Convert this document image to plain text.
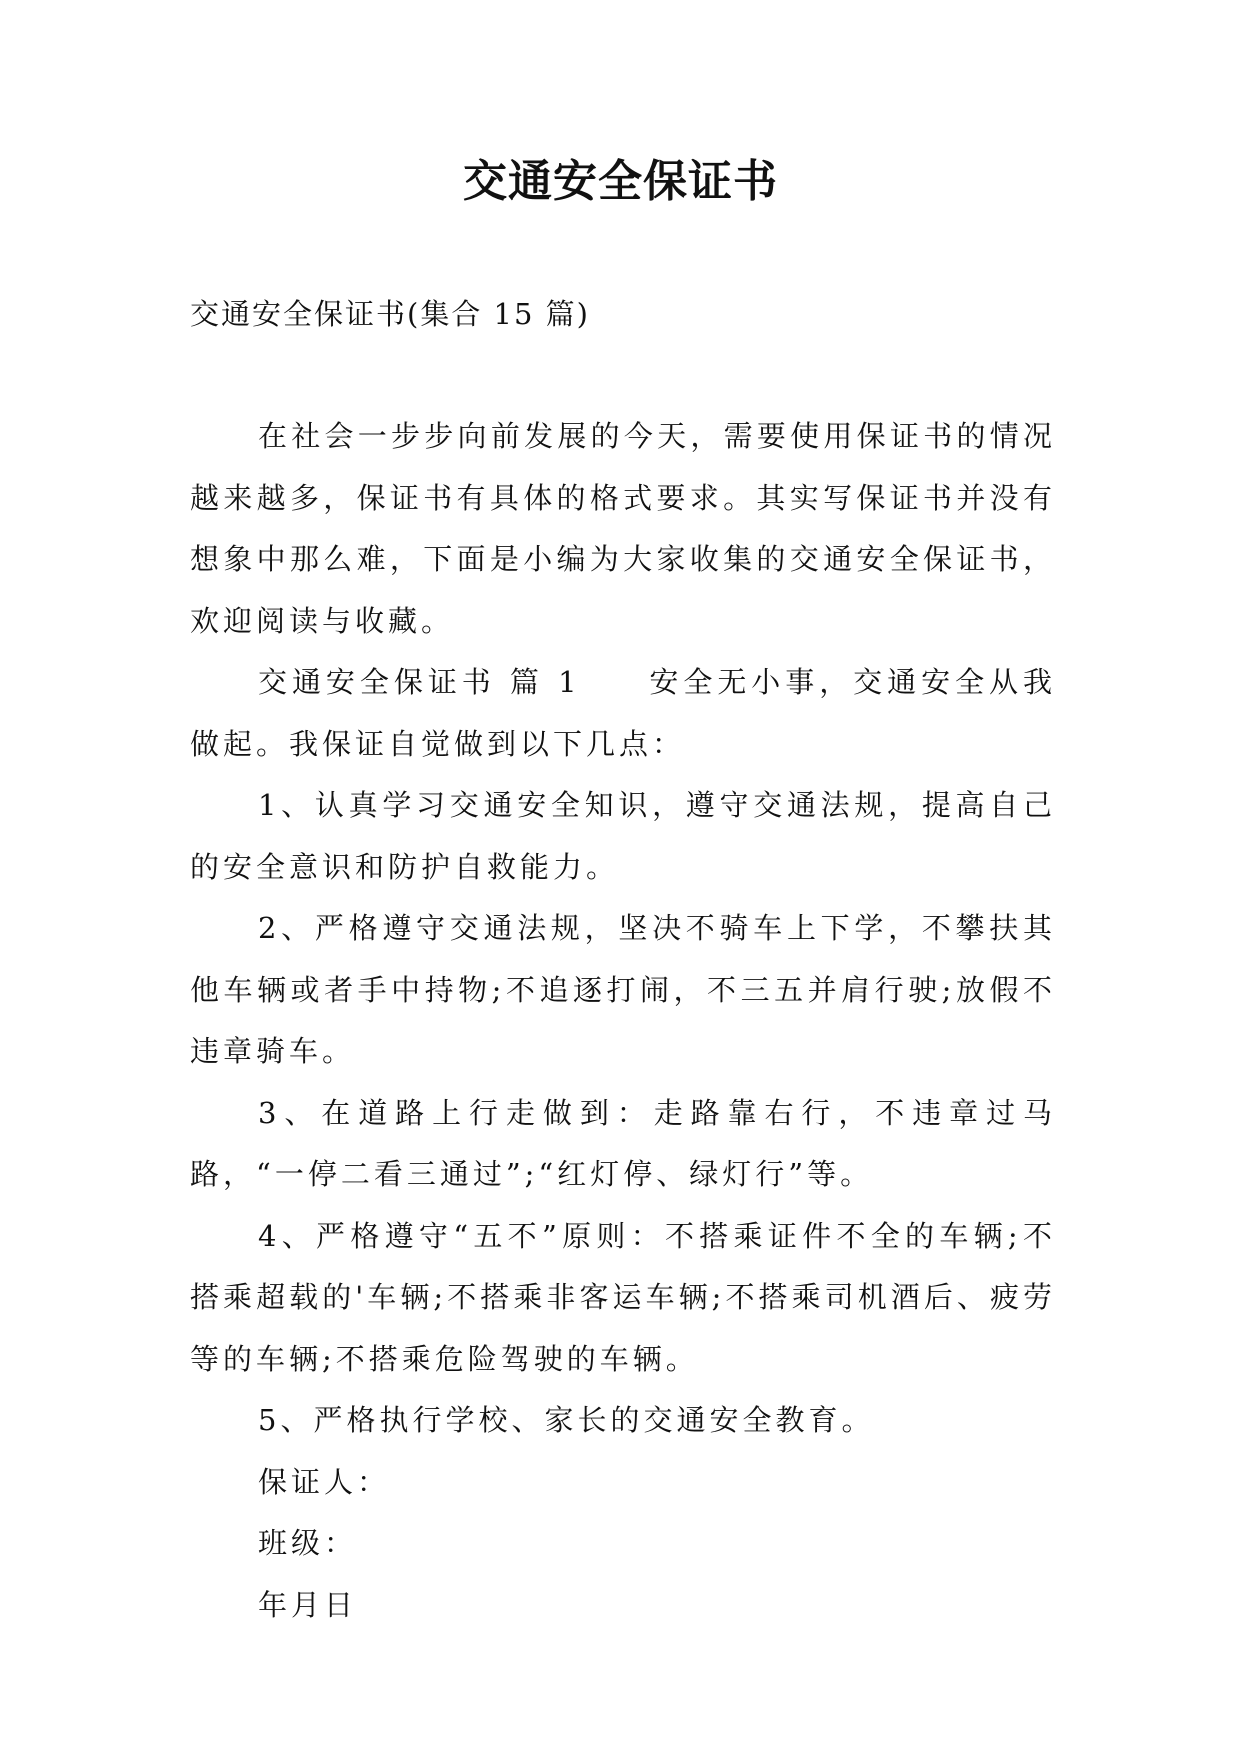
交通安全保证书

交通安全保证书(集合 15 篇)

在社会一步步向前发展的今天，需要使用保证书的情况越来越多，保证书有具体的格式要求。其实写保证书并没有想象中那么难，下面是小编为大家收集的交通安全保证书，欢迎阅读与收藏。

交通安全保证书 篇 1　　安全无小事，交通安全从我做起。我保证自觉做到以下几点：

1、认真学习交通安全知识，遵守交通法规，提高自己的安全意识和防护自救能力。

2、严格遵守交通法规，坚决不骑车上下学，不攀扶其他车辆或者手中持物;不追逐打闹，不三五并肩行驶;放假不违章骑车。

3、在道路上行走做到：走路靠右行，不违章过马路，“一停二看三通过”;“红灯停、绿灯行”等。

4、严格遵守“五不”原则：不搭乘证件不全的车辆;不搭乘超载的'车辆;不搭乘非客运车辆;不搭乘司机酒后、疲劳等的车辆;不搭乘危险驾驶的车辆。

5、严格执行学校、家长的交通安全教育。

保证人：

班级：

年月日
